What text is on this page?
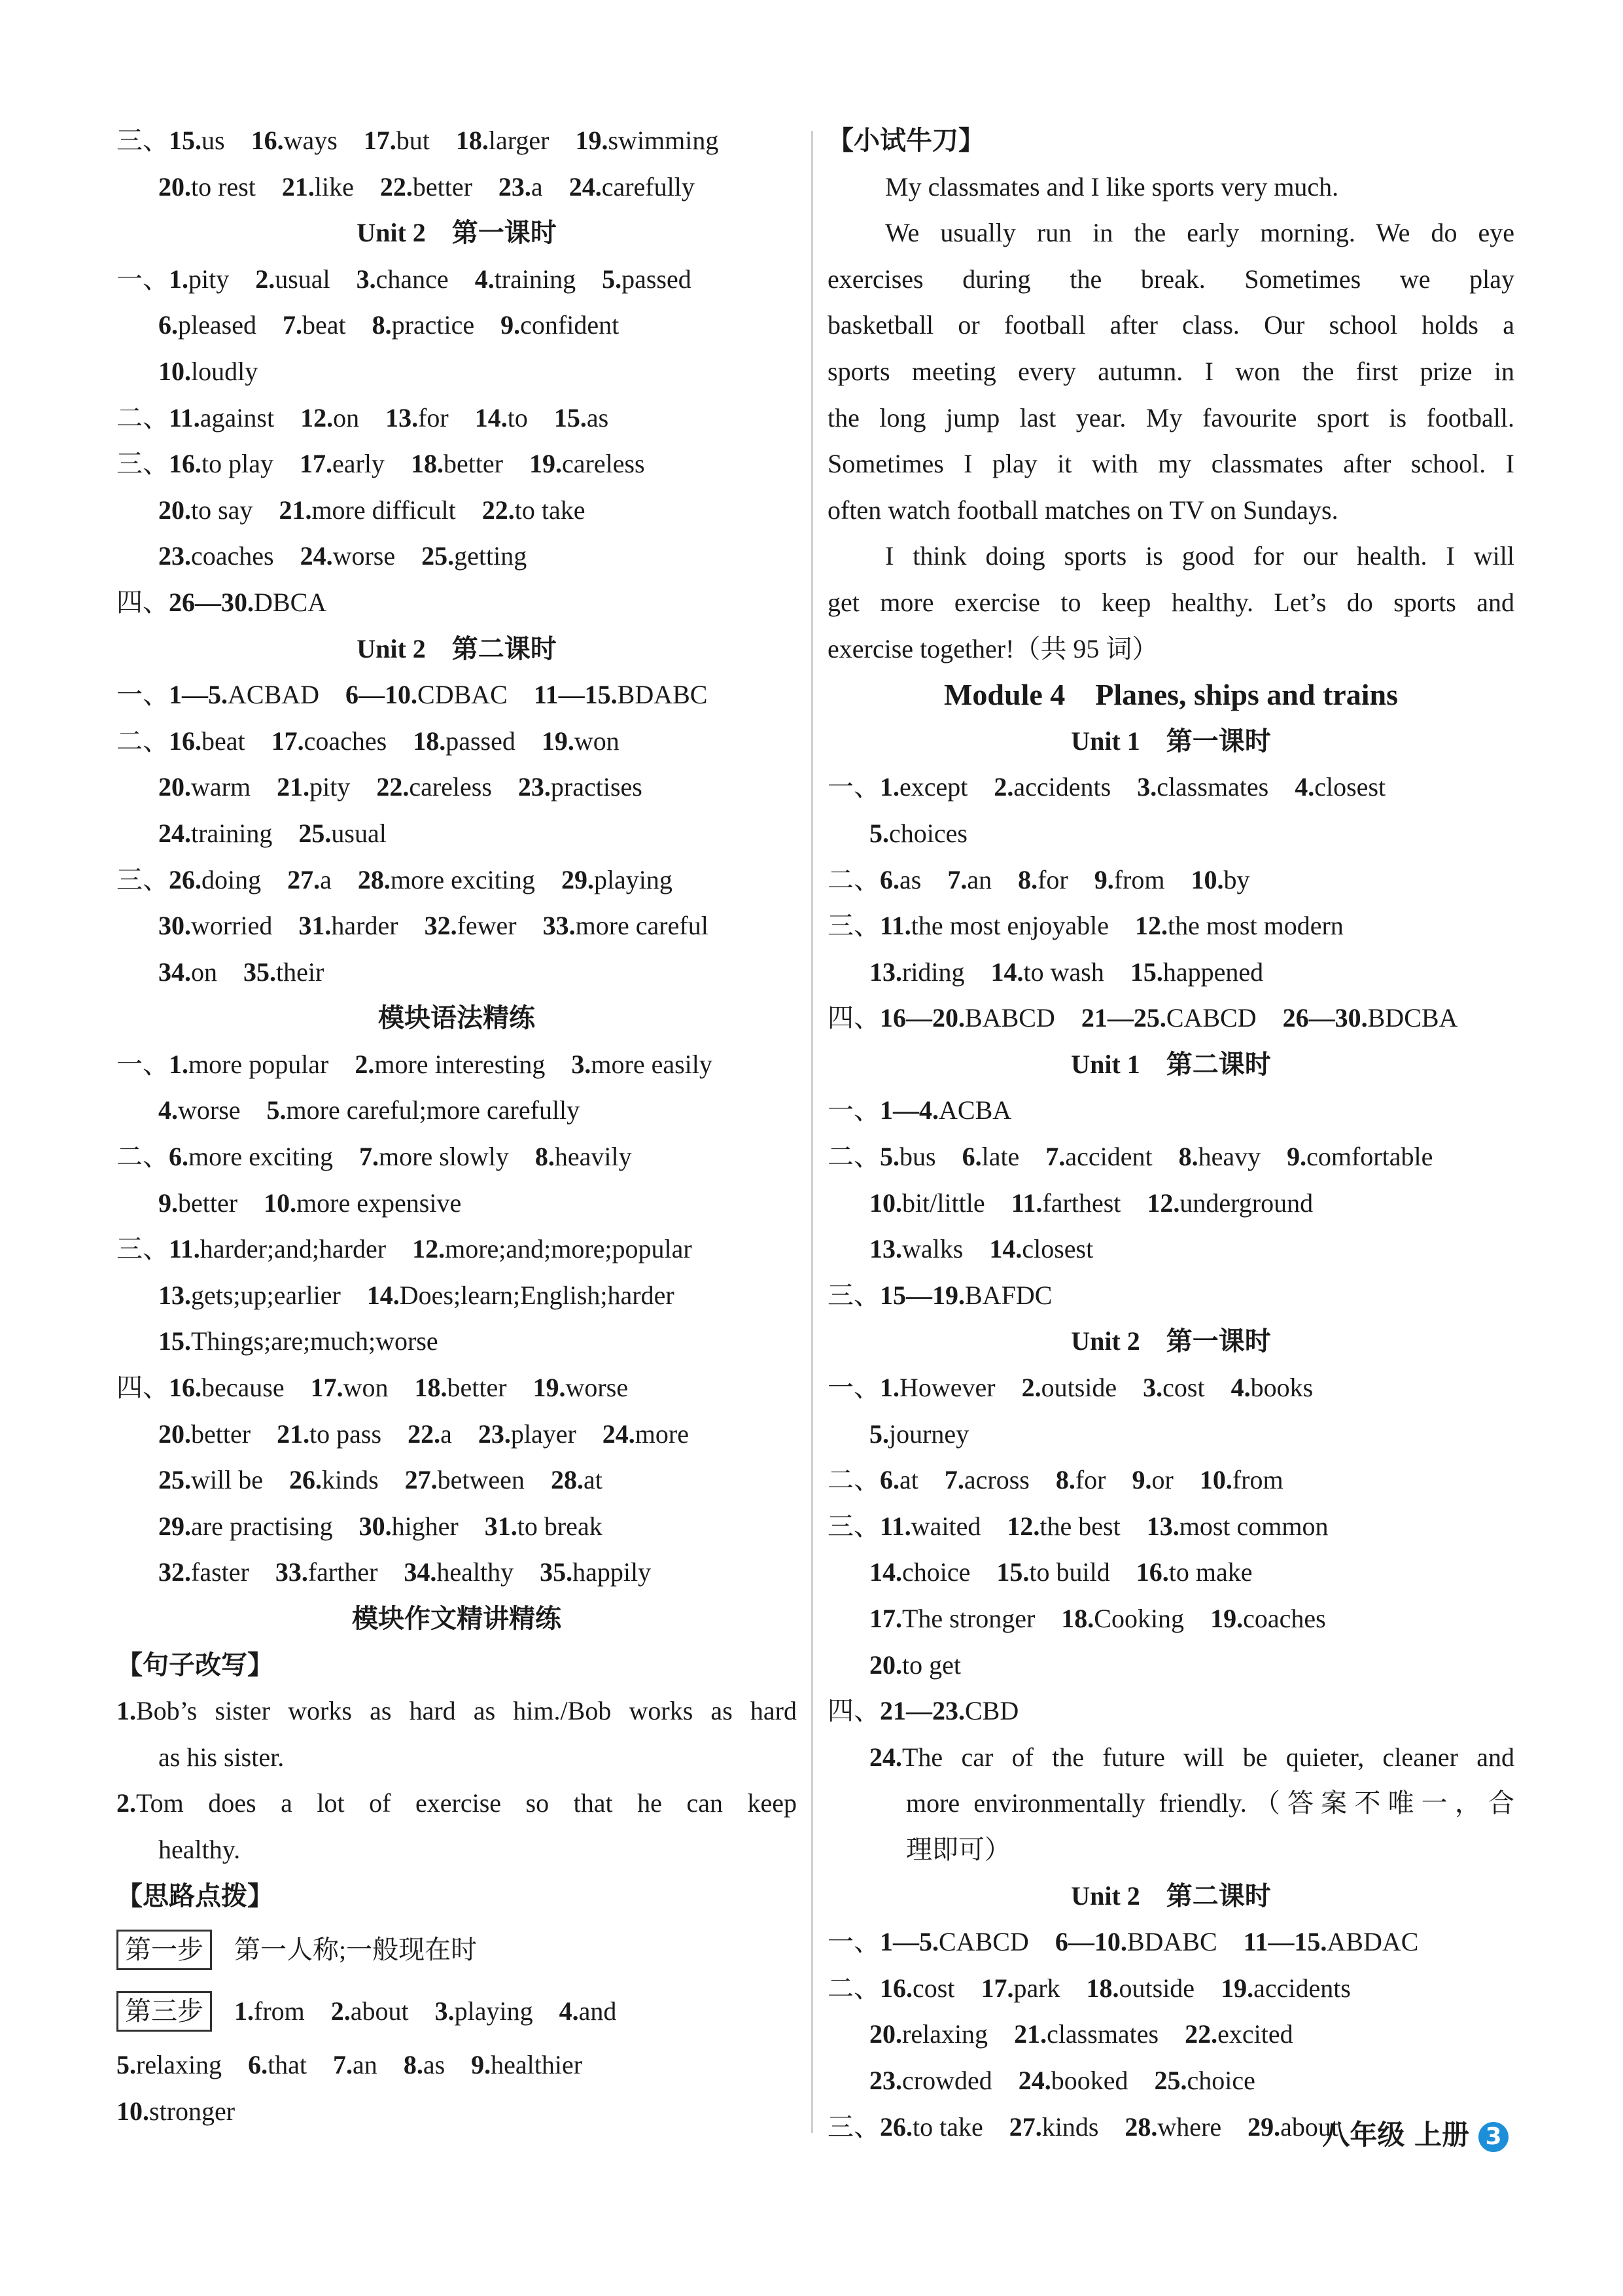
三、15.us 16.ways 17.but 18.larger 19.swimming
20.to rest 21.like 22.better 23.a 24.carefully
Unit 2　第一课时
一、1.pity 2.usual 3.chance 4.training 5.passed
6.pleased 7.beat 8.practice 9.confident
10.loudly
二、11.against 12.on 13.for 14.to 15.as
三、16.to play 17.early 18.better 19.careless
20.to say 21.more difficult 22.to take
23.coaches 24.worse 25.getting
四、26—30.DBCA
Unit 2　第二课时
一、1—5.ACBAD 6—10.CDBAC 11—15.BDABC
二、16.beat 17.coaches 18.passed 19.won
20.warm 21.pity 22.careless 23.practises
24.training 25.usual
三、26.doing 27.a 28.more exciting 29.playing
30.worried 31.harder 32.fewer 33.more careful
34.on 35.their
模块语法精练
一、1.more popular 2.more interesting 3.more easily
4.worse 5.more careful;more carefully
二、6.more exciting 7.more slowly 8.heavily
9.better 10.more expensive
三、11.harder;and;harder 12.more;and;more;popular
13.gets;up;earlier 14.Does;learn;English;harder
15.Things;are;much;worse
四、16.because 17.won 18.better 19.worse
20.better 21.to pass 22.a 23.player 24.more
25.will be 26.kinds 27.between 28.at
29.are practising 30.higher 31.to break
32.faster 33.farther 34.healthy 35.happily
模块作文精讲精练
【句子改写】
1.Bob’s sister works as hard as him./Bob works as hard
as his sister.
2.Tom does a lot of exercise so that he can keep
healthy.
【思路点拨】
第一步 第一人称;一般现在时
第三步 1.from 2.about 3.playing 4.and
5.relaxing 6.that 7.an 8.as 9.healthier
10.stronger
【小试牛刀】
My classmates and I like sports very much.
We usually run in the early morning. We do eye
exercises during the break. Sometimes we play
basketball or football after class. Our school holds a
sports meeting every autumn. I won the first prize in
the long jump last year. My favourite sport is football.
Sometimes I play it with my classmates after school. I
often watch football matches on TV on Sundays.
I think doing sports is good for our health. I will
get more exercise to keep healthy. Let’s do sports and
exercise together!（共 95 词）
Module 4　Planes, ships and trains
Unit 1　第一课时
一、1.except 2.accidents 3.classmates 4.closest
5.choices
二、6.as 7.an 8.for 9.from 10.by
三、11.the most enjoyable 12.the most modern
13.riding 14.to wash 15.happened
四、16—20.BABCD 21—25.CABCD 26—30.BDCBA
Unit 1　第二课时
一、1—4.ACBA
二、5.bus 6.late 7.accident 8.heavy 9.comfortable
10.bit/little 11.farthest 12.underground
13.walks 14.closest
三、15—19.BAFDC
Unit 2　第一课时
一、1.However 2.outside 3.cost 4.books
5.journey
二、6.at 7.across 8.for 9.or 10.from
三、11.waited 12.the best 13.most common
14.choice 15.to build 16.to make
17.The stronger 18.Cooking 19.coaches
20.to get
四、21—23.CBD
24.The car of the future will be quieter, cleaner and
more environmentally friendly.（答案不唯一，合
理即可）
Unit 2　第二课时
一、1—5.CABCD 6—10.BDABC 11—15.ABDAC
二、16.cost 17.park 18.outside 19.accidents
20.relaxing 21.classmates 22.excited
23.crowded 24.booked 25.choice
三、26.to take 27.kinds 28.where 29.about
八年级 上册 3
